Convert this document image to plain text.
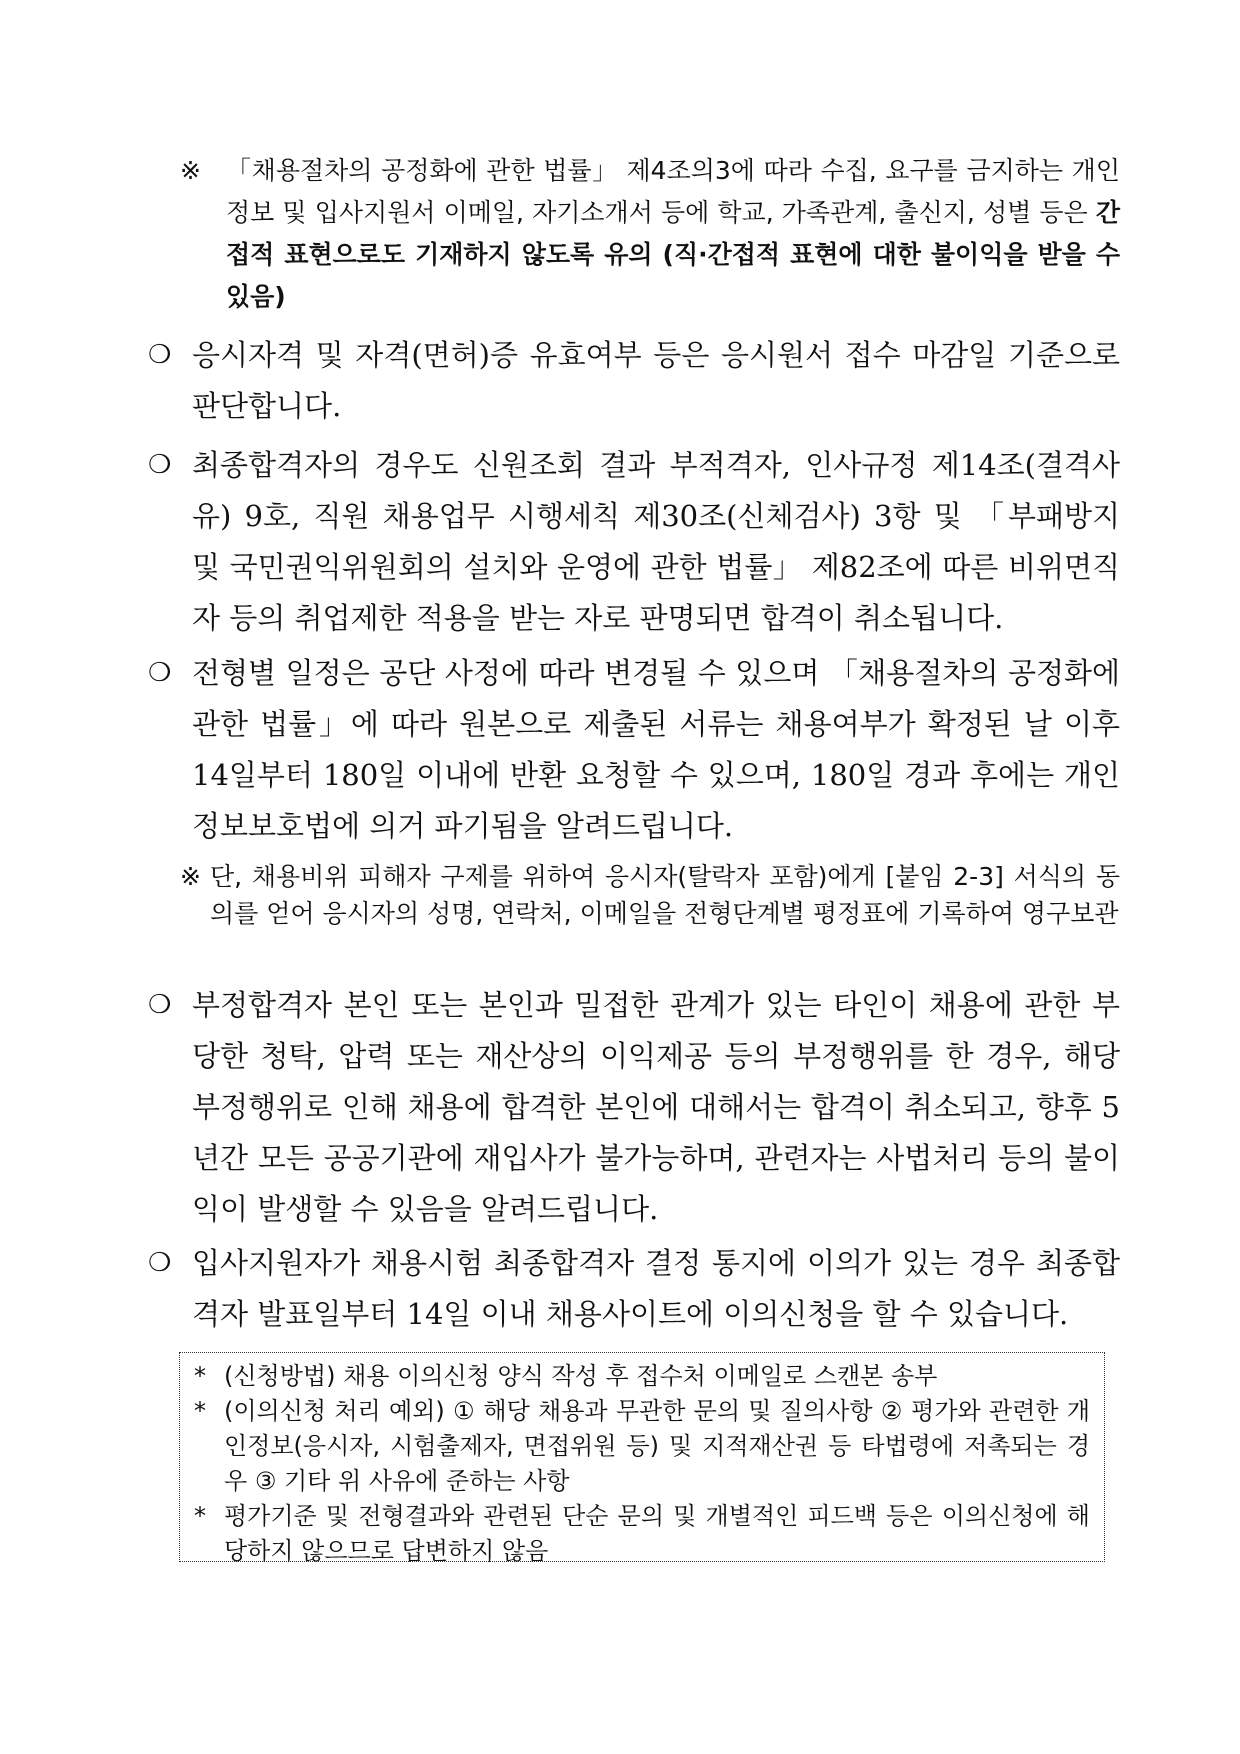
※	「채용절차의 공정화에 관한 법률」 제4조의3에 따라 수집, 요구를 금지하는 개인정보 및 입사지원서 이메일, 자기소개서 등에 학교, 가족관계, 출신지, 성별 등은 간접적 표현으로도 기재하지 않도록 유의 (직·간접적 표현에 대한 불이익을 받을 수 있음)
❍ 응시자격 및 자격(면허)증 유효여부 등은 응시원서 접수 마감일 기준으로 판단합니다.
❍ 최종합격자의 경우도 신원조회 결과 부적격자, 인사규정 제14조(결격사유) 9호, 직원 채용업무 시행세칙 제30조(신체검사) 3항 및 「부패방지 및 국민권익위원회의 설치와 운영에 관한 법률」 제82조에 따른 비위면직자 등의 취업제한 적용을 받는 자로 판명되면 합격이 취소됩니다.
❍ 전형별 일정은 공단 사정에 따라 변경될 수 있으며 「채용절차의 공정화에 관한 법률」에 따라 원본으로 제출된 서류는 채용여부가 확정된 날 이후 14일부터 180일 이내에 반환 요청할 수 있으며, 180일 경과 후에는 개인정보보호법에 의거 파기됨을 알려드립니다.
※ 단, 채용비위 피해자 구제를 위하여 응시자(탈락자 포함)에게 [붙임 2-3] 서식의 동의를 얻어 응시자의 성명, 연락처, 이메일을 전형단계별 평정표에 기록하여 영구보관
❍ 부정합격자 본인 또는 본인과 밀접한 관계가 있는 타인이 채용에 관한 부당한 청탁, 압력 또는 재산상의 이익제공 등의 부정행위를 한 경우, 해당 부정행위로 인해 채용에 합격한 본인에 대해서는 합격이 취소되고, 향후 5년간 모든 공공기관에 재입사가 불가능하며, 관련자는 사법처리 등의 불이익이 발생할 수 있음을 알려드립니다.
❍ 입사지원자가 채용시험 최종합격자 결정 통지에 이의가 있는 경우 최종합격자 발표일부터 14일 이내 채용사이트에 이의신청을 할 수 있습니다.
* (신청방법) 채용 이의신청 양식 작성 후 접수처 이메일로 스캔본 송부
* (이의신청 처리 예외) ① 해당 채용과 무관한 문의 및 질의사항 ② 평가와 관련한 개인정보(응시자, 시험출제자, 면접위원 등) 및 지적재산권 등 타법령에 저촉되는 경우 ③ 기타 위 사유에 준하는 사항
* 평가기준 및 전형결과와 관련된 단순 문의 및 개별적인 피드백 등은 이의신청에 해당하지 않으므로 답변하지 않음
